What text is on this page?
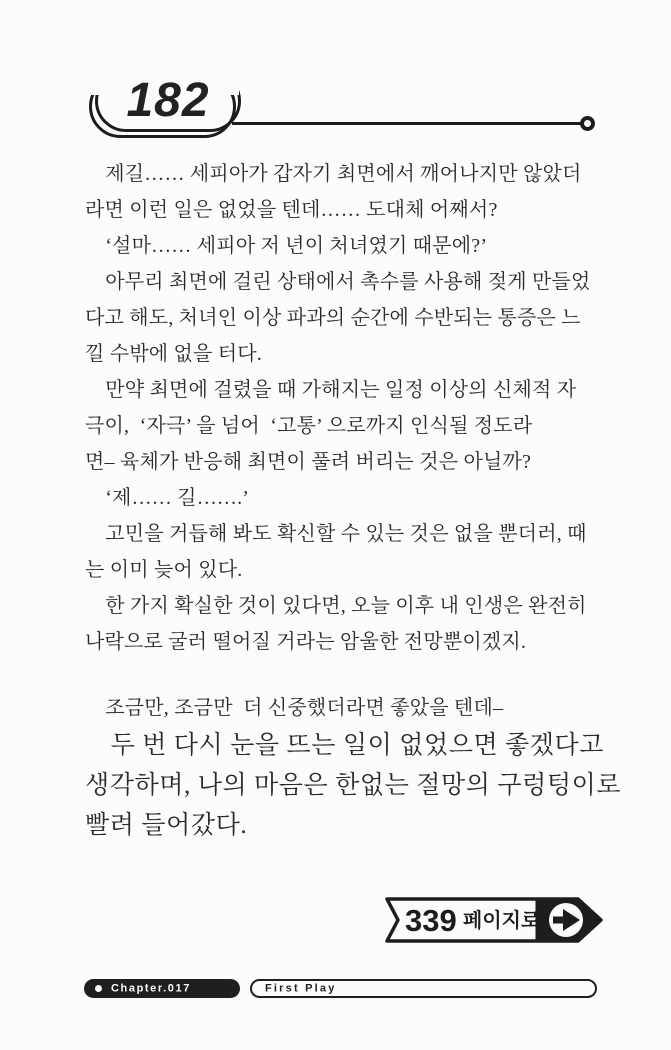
182
　제길…… 세피아가 갑자기 최면에서 깨어나지만 않았더
라면 이런 일은 없었을 텐데…… 도대체 어째서?
　‘설마…… 세피아 저 년이 처녀였기 때문에?’
　아무리 최면에 걸린 상태에서 촉수를 사용해 젖게 만들었
다고 해도, 처녀인 이상 파과의 순간에 수반되는 통증은 느
낄 수밖에 없을 터다.
　만약 최면에 걸렸을 때 가해지는 일정 이상의 신체적 자
극이,  ‘자극’ 을 넘어  ‘고통’ 으로까지 인식될 정도라
면– 육체가 반응해 최면이 풀려 버리는 것은 아닐까?
　‘제…… 길…….’
　고민을 거듭해 봐도 확신할 수 있는 것은 없을 뿐더러, 때
는 이미 늦어 있다.
　한 가지 확실한 것이 있다면, 오늘 이후 내 인생은 완전히
나락으로 굴러 떨어질 거라는 암울한 전망뿐이겠지.
　조금만, 조금만  더 신중했더라면 좋았을 텐데–
　두 번 다시 눈을 뜨는 일이 없었으면 좋겠다고
생각하며, 나의 마음은 한없는 절망의 구렁텅이로
빨려 들어갔다.
339 페이지로
Chapter.017	First Play
